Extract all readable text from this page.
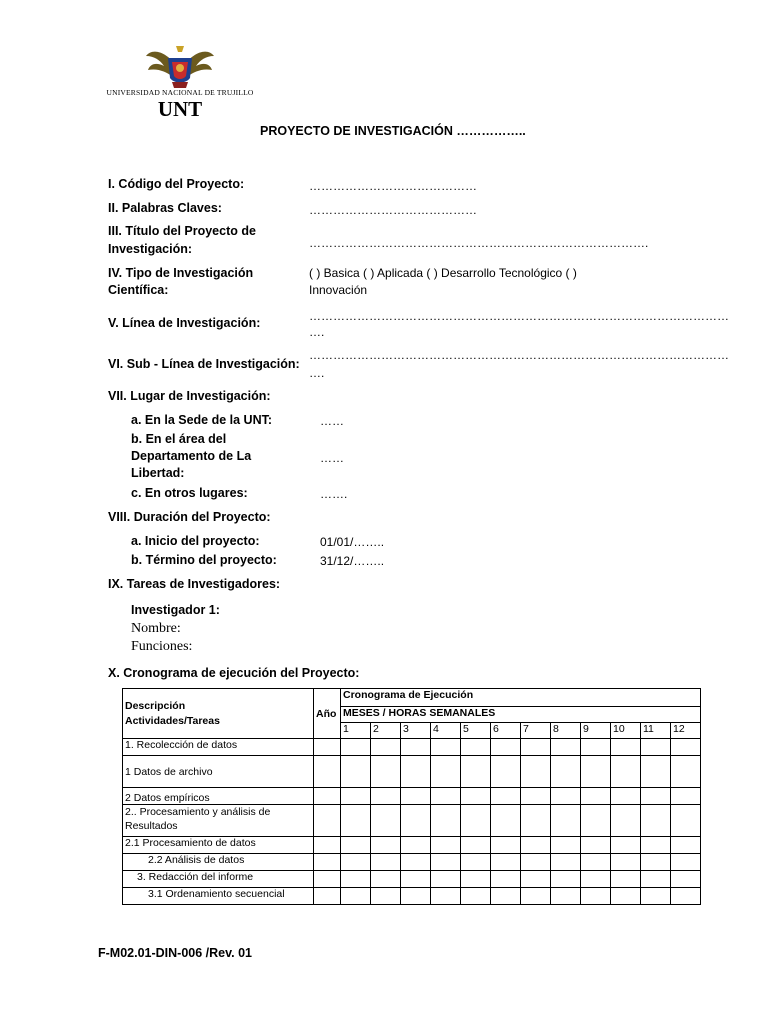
UNIVERSIDAD NACIONAL DE TRUJILLO
UNT
PROYECTO DE INVESTIGACIÓN ……………..
I. Código del Proyecto:	……………………………………
II. Palabras Claves:	……………………………………
III. Título del Proyecto de
Investigación:	………………………………………………………………………….
IV. Tipo de Investigación
Científica:
( ) Basica ( ) Aplicada ( ) Desarrollo Tecnológico ( )
Innovación
V. Línea de Investigación:	……………………………………………………………………………………………
….
VI. Sub - Línea de Investigación:
……………………………………………………………………………………………
….
VII. Lugar de Investigación:
a. En la Sede de la UNT:	……
b. En el área del
Departamento de La
Libertad:
……
c. En otros lugares:	…….
VIII. Duración del Proyecto:
a. Inicio del proyecto:	01/01/……..
b. Término del proyecto:	31/12/……..
IX. Tareas de Investigadores:
Investigador 1:
Nombre:
Funciones:
X. Cronograma de ejecución del Proyecto:
Descripción
Actividades/Tareas	Año	Cronograma de Ejecución											
		MESES / HORAS SEMANALES											
		1	2	3	4	5	6	7	8	9	10	11	12
1. Recolección de datos													
1 Datos de archivo													
2 Datos empíricos													
2.. Procesamiento y análisis de Resultados													
2.1 Procesamiento de datos													
2.2 Análisis de datos													
3. Redacción del informe													
3.1 Ordenamiento secuencial													
F-M02.01-DIN-006 /Rev. 01
